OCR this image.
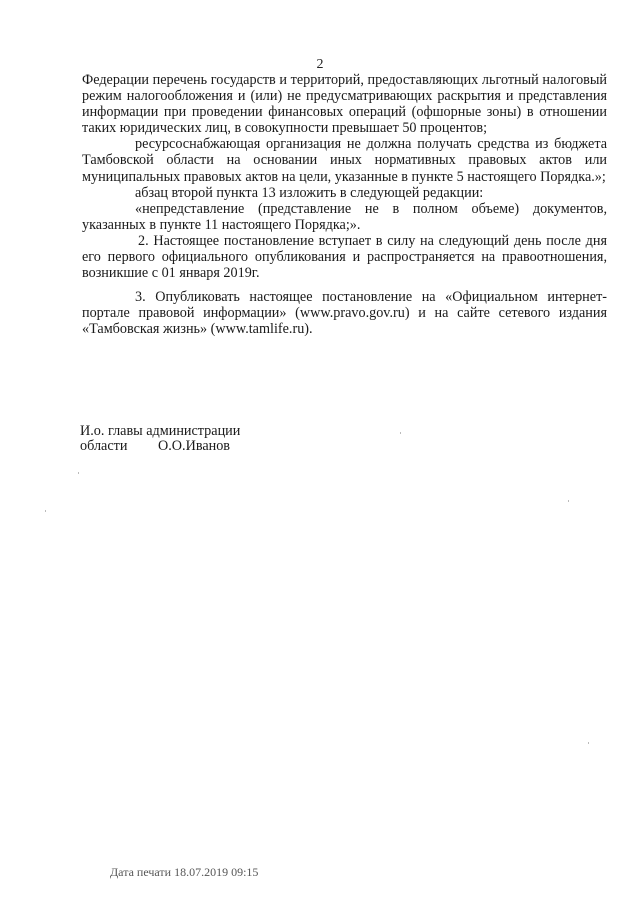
2

Федерации перечень государств и территорий, предоставляющих льготный налоговый режим налогообложения и (или) не предусматривающих раскрытия и представления информации при проведении финансовых операций (офшорные зоны) в отношении таких юридических лиц, в совокупности превышает 50 процентов;

ресурсоснабжающая организация не должна получать средства из бюджета Тамбовской области на основании иных нормативных правовых актов или муниципальных правовых актов на цели, указанные в пункте 5 настоящего Порядка.»;

абзац второй пункта 13 изложить в следующей редакции:

«непредставление (представление не в полном объеме) документов, указанных в пункте 11 настоящего Порядка;».

2. Настоящее постановление вступает в силу на следующий день после дня его первого официального опубликования и распространяется на правоотношения, возникшие с 01 января 2019г.

3. Опубликовать настоящее постановление на «Официальном интернет-портале правовой информации» (www.pravo.gov.ru) и на сайте сетевого издания «Тамбовская жизнь» (www.tamlife.ru).

И.о. главы администрации
области О.О.Иванов
Дата печати 18.07.2019 09:15
